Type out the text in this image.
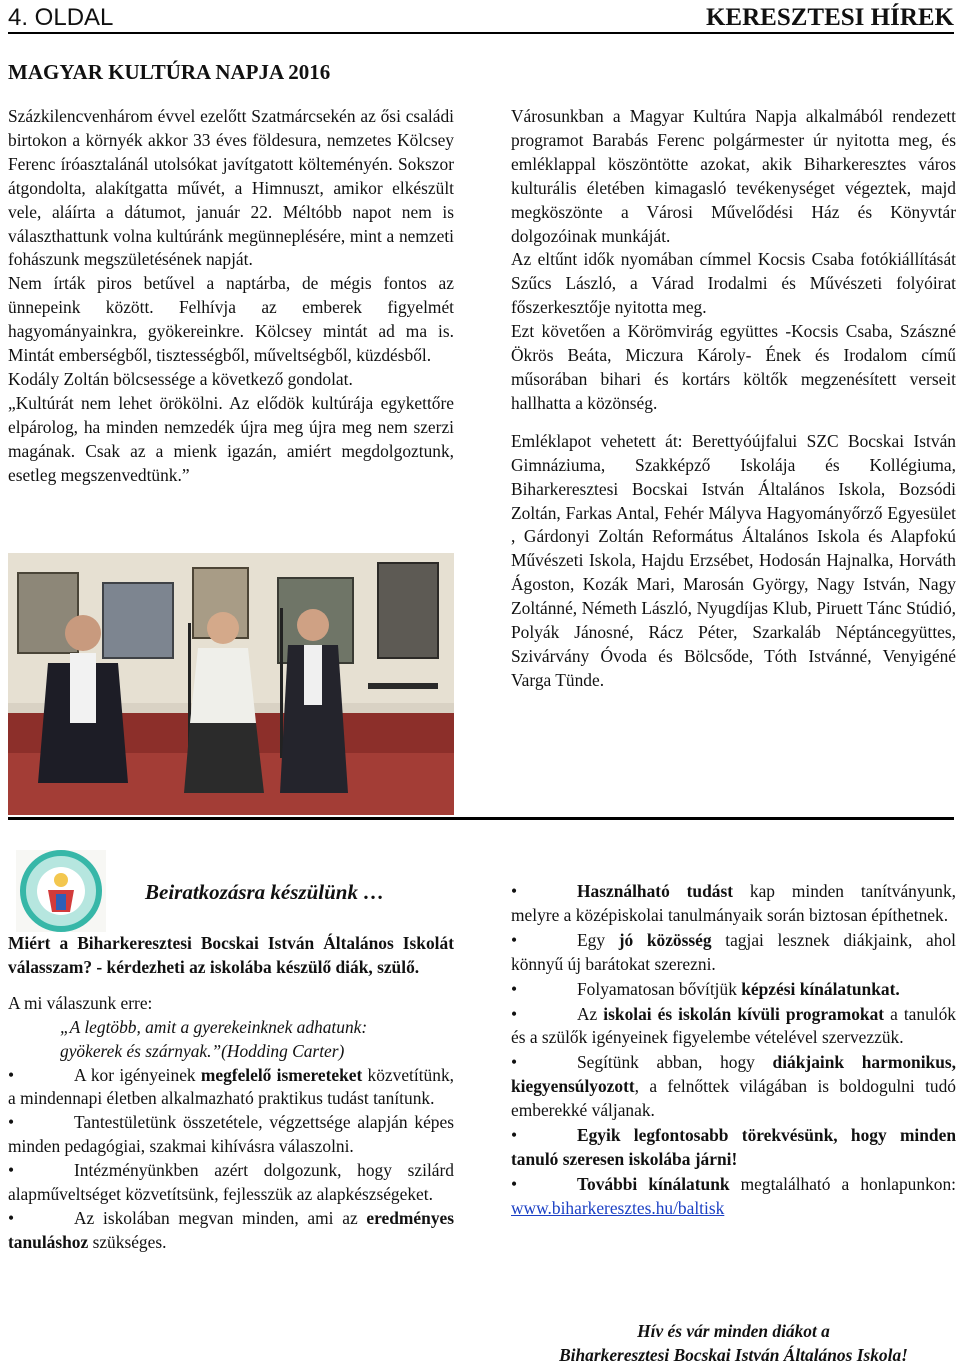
4. OLDAL	KERESZTESI HÍREK
MAGYAR KULTÚRA NAPJA 2016

Százkilencvenhárom évvel ezelőtt Szatmárcsekén az ősi családi birtokon a környék akkor 33 éves földesura, nemzetes Kölcsey Ferenc íróasztalánál utolsókat javítgatott költeményén. Sokszor átgondolta, alakítgatta művét, a Himnuszt, amikor elkészült vele, aláírta a dátumot, január 22. Méltóbb napot nem is választhattunk volna kultúránk megünneplésére, mint a nemzeti fohászunk megszületésének napját.

Nem írták piros betűvel a naptárba, de mégis fontos az ünnepeink között. Felhívja az emberek figyelmét hagyományainkra, gyökereinkre. Kölcsey mintát ad ma is. Mintát emberségből, tisztességből, műveltségből, küzdésből.

Kodály Zoltán bölcsessége a következő gondolat.

„Kultúrát nem lehet örökölni. Az elődök kultúrája egykettőre elpárolog, ha minden nemzedék újra meg újra meg nem szerzi magának. Csak az a mienk igazán, amiért megdolgoztunk, esetleg megszenvedtünk.”

Városunkban a Magyar Kultúra Napja alkalmából rendezett programot Barabás Ferenc polgármester úr nyitotta meg, és emléklappal köszöntötte azokat, akik Biharkeresztes város kulturális életében kimagasló tevékenységet végeztek, majd megköszönte a Városi Művelődési Ház és Könyvtár dolgozóinak munkáját.

Az eltűnt idők nyomában címmel Kocsis Csaba fotókiállítását Szűcs László, a Várad Irodalmi és Művészeti folyóirat főszerkesztője nyitotta meg.

Ezt követően a Körömvirág együttes -Kocsis Csaba, Szászné Ökrös Beáta, Miczura Károly- Ének és Irodalom című műsorában bihari és kortárs költők megzenésített verseit hallhatta a közönség.

Emléklapot vehetett át: Berettyóújfalui SZC Bocskai István Gimnáziuma, Szakképző Iskolája és Kollégiuma, Biharkeresztesi Bocskai István Általános Iskola, Bozsódi Zoltán, Farkas Antal, Fehér Mályva Hagyományőrző Egyesület , Gárdonyi Zoltán Református Általános Iskola és Alapfokú Művészeti Iskola, Hajdu Erzsébet, Hodosán Hajnalka, Horváth Ágoston, Kozák Mari, Marosán György, Nagy István, Nagy Zoltánné, Németh László, Nyugdíjas Klub, Piruett Tánc Stúdió, Polyák Jánosné, Rácz Péter, Szarkaláb Néptáncegyüttes, Szivárvány Óvoda és Bölcsőde, Tóth Istvánné, Venyigéné Varga Tünde.

Beiratkozásra készülünk …

Miért a Biharkeresztesi Bocskai István Általános Iskolát válasszam? - kérdezheti az iskolába készülő diák, szülő.

A mi válaszunk erre:

„A legtöbb, amit a gyerekeinknek adhatunk:

gyökerek és szárnyak.”(Hodding Carter)

•	A kor igényeinek megfelelő ismereteket közvetítünk, a mindennapi életben alkalmazható praktikus tudást tanítunk.

•	Tantestületünk összetétele, végzettsége alapján képes minden pedagógiai, szakmai kihívásra válaszolni.

•	Intézményünkben azért dolgozunk, hogy szilárd alapműveltséget közvetítsünk, fejlesszük az alapkészségeket.

•	Az iskolában megvan minden, ami az eredményes tanuláshoz szükséges.

•	Használható tudást kap minden tanítványunk, melyre a középiskolai tanulmányaik során biztosan építhetnek.

•	Egy jó közösség tagjai lesznek diákjaink, ahol könnyű új barátokat szerezni.

•	Folyamatosan bővítjük képzési kínálatunkat.

•	Az iskolai és iskolán kívüli programokat a tanulók és a szülők igényeinek figyelembe vételével szervezzük.

•	Segítünk abban, hogy diákjaink harmonikus, kiegyensúlyozott, a felnőttek világában is boldogulni tudó emberekké váljanak.

•	Egyik legfontosabb törekvésünk, hogy minden tanuló szeresen iskolába járni!

•	További kínálatunk megtalálható a honlapunkon: www.biharkeresztes.hu/baltisk

Hív és vár minden diákot a
Biharkeresztesi Bocskai István Általános Iskola!
